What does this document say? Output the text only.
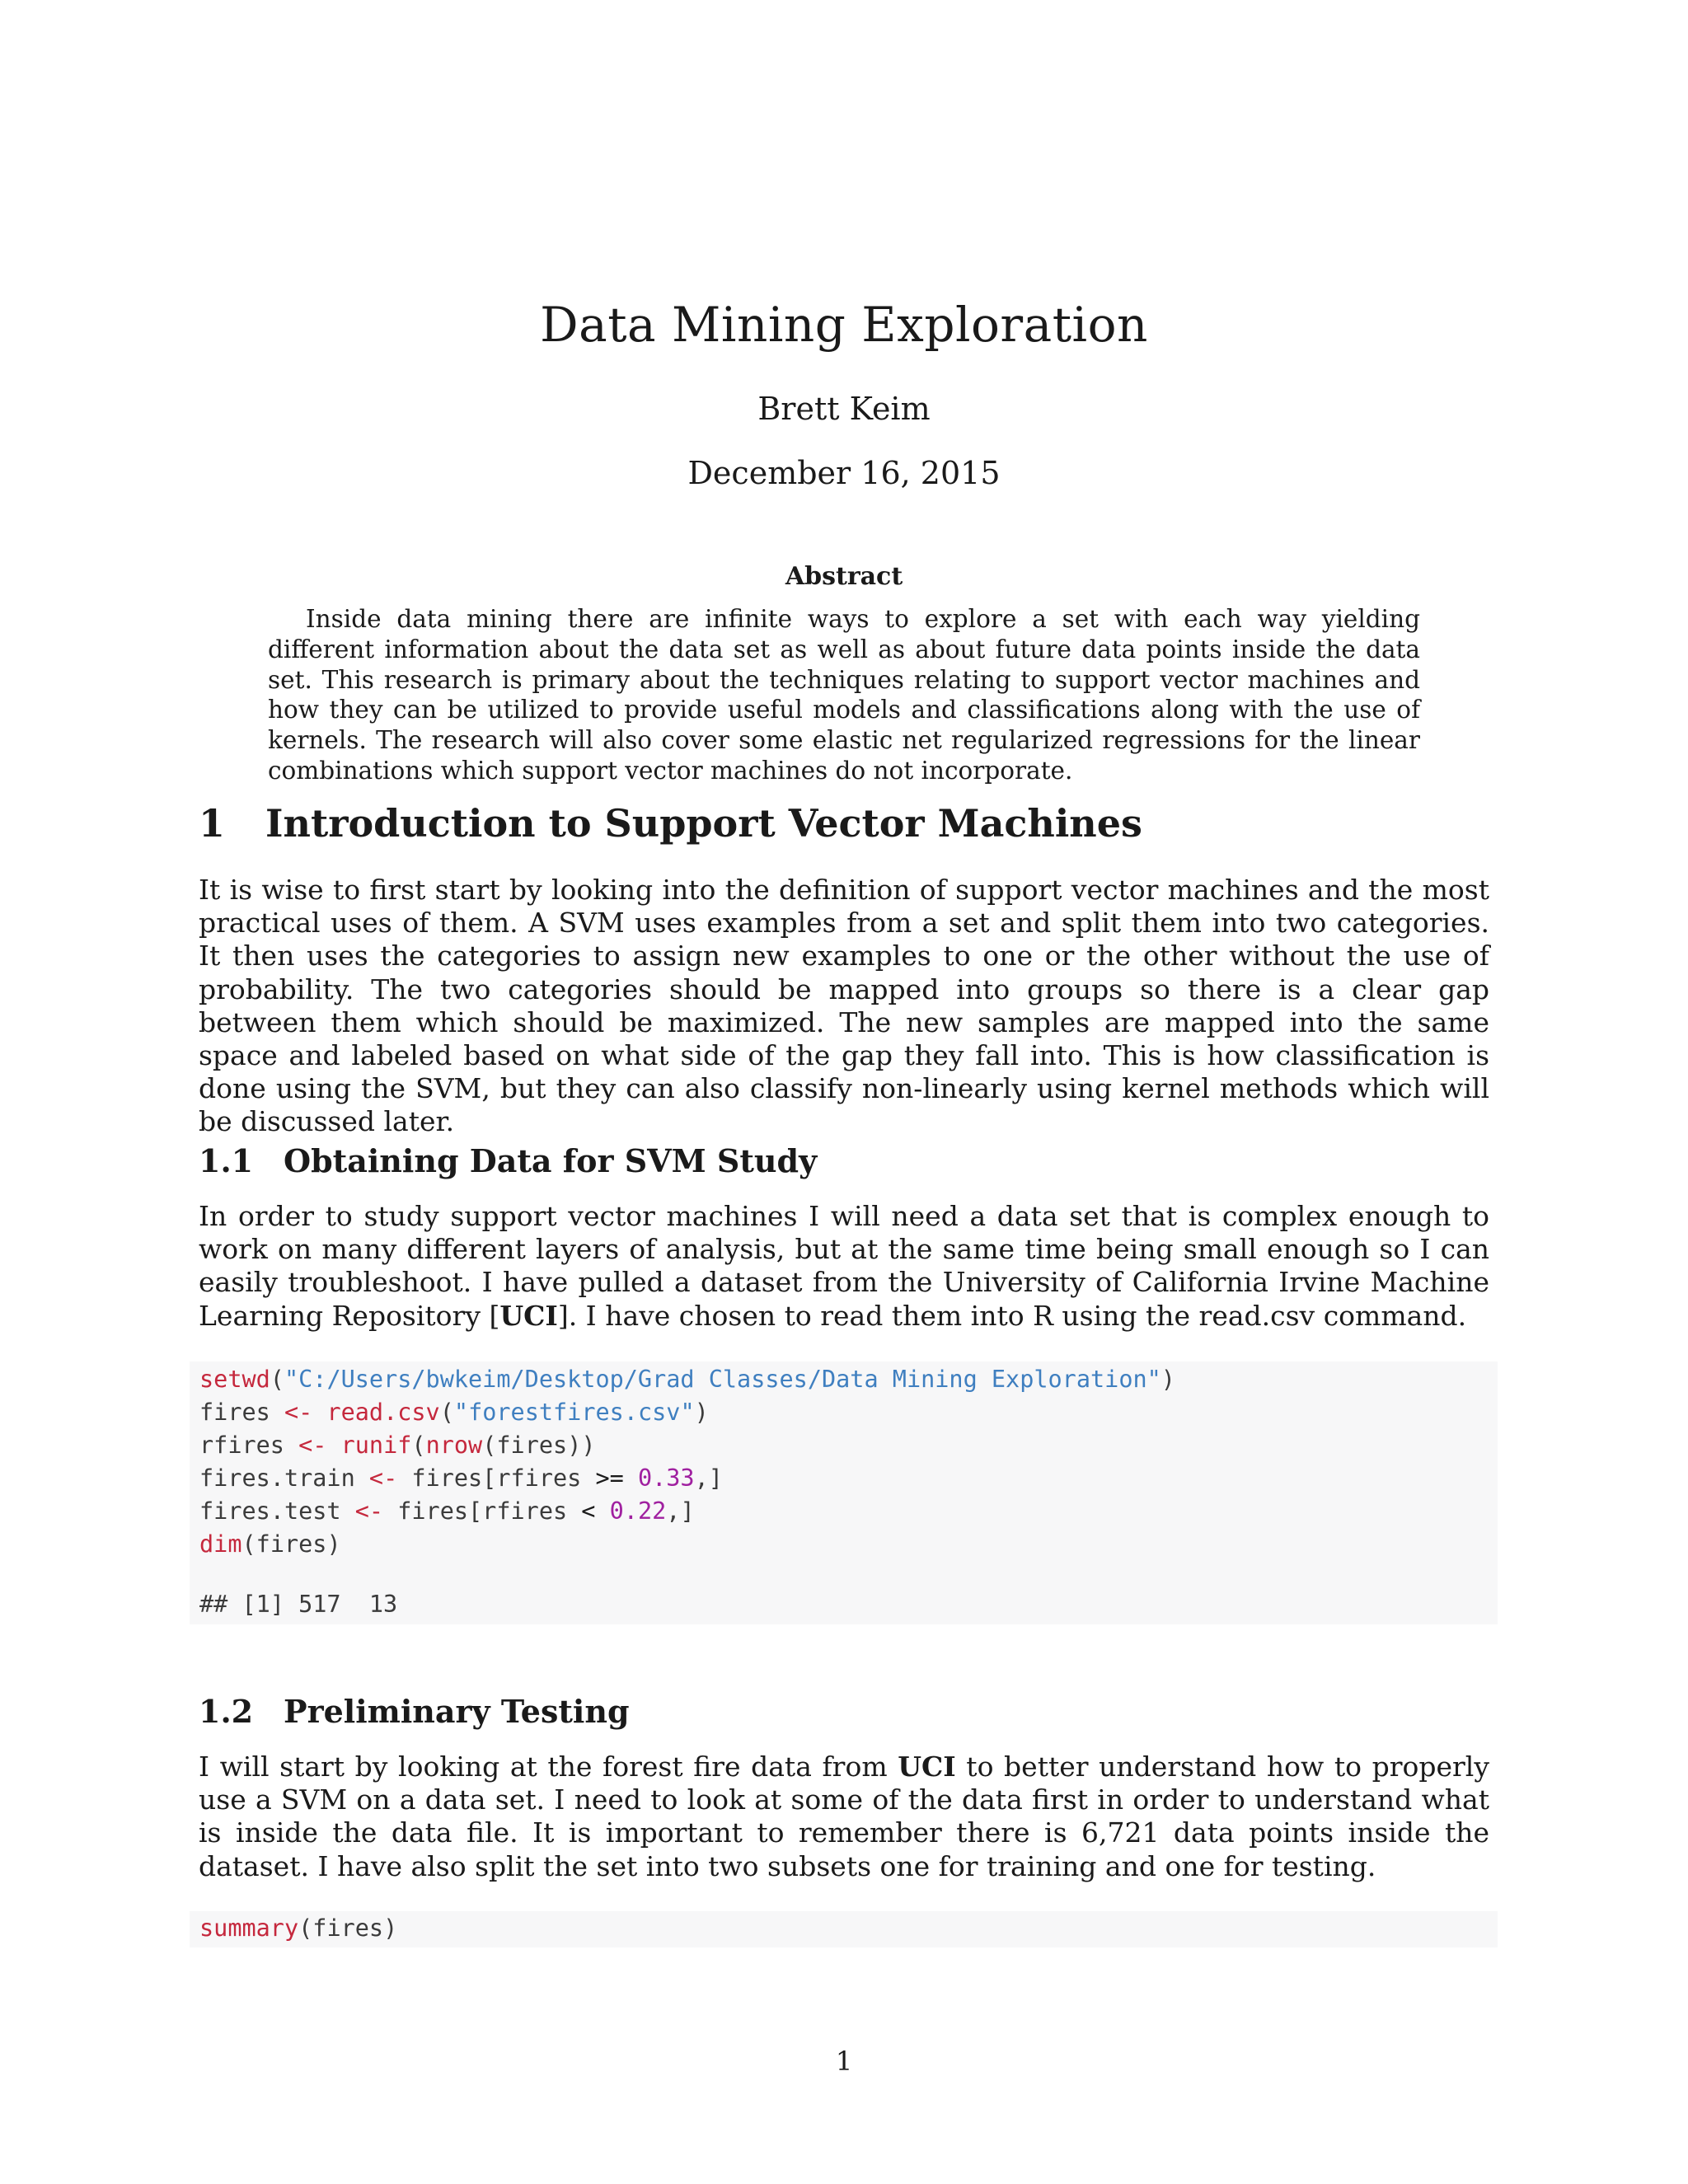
Data Mining Exploration
Brett Keim
December 16, 2015
Abstract
Inside data mining there are infinite ways to explore a set with each way yielding different information about the data set as well as about future data points inside the data set. This research is primary about the techniques relating to support vector machines and how they can be utilized to provide useful models and classifications along with the use of kernels. The research will also cover some elastic net regularized regressions for the linear combinations which support vector machines do not incorporate.
1 Introduction to Support Vector Machines
It is wise to first start by looking into the definition of support vector machines and the most practical uses of them. A SVM uses examples from a set and split them into two categories. It then uses the categories to assign new examples to one or the other without the use of probability. The two categories should be mapped into groups so there is a clear gap between them which should be maximized. The new samples are mapped into the same space and labeled based on what side of the gap they fall into. This is how classification is done using the SVM, but they can also classify non-linearly using kernel methods which will be discussed later.
1.1 Obtaining Data for SVM Study
In order to study support vector machines I will need a data set that is complex enough to work on many different layers of analysis, but at the same time being small enough so I can easily troubleshoot. I have pulled a dataset from the University of California Irvine Machine Learning Repository [UCI]. I have chosen to read them into R using the read.csv command.
setwd("C:/Users/bwkeim/Desktop/Grad Classes/Data Mining Exploration")
fires <- read.csv("forestfires.csv")
rfires <- runif(nrow(fires))
fires.train <- fires[rfires >= 0.33,]
fires.test <- fires[rfires < 0.22,]
dim(fires)
## [1] 517  13
1.2 Preliminary Testing
I will start by looking at the forest fire data from UCI to better understand how to properly use a SVM on a data set. I need to look at some of the data first in order to understand what is inside the data file. It is important to remember there is 6,721 data points inside the dataset. I have also split the set into two subsets one for training and one for testing.
summary(fires)
1
